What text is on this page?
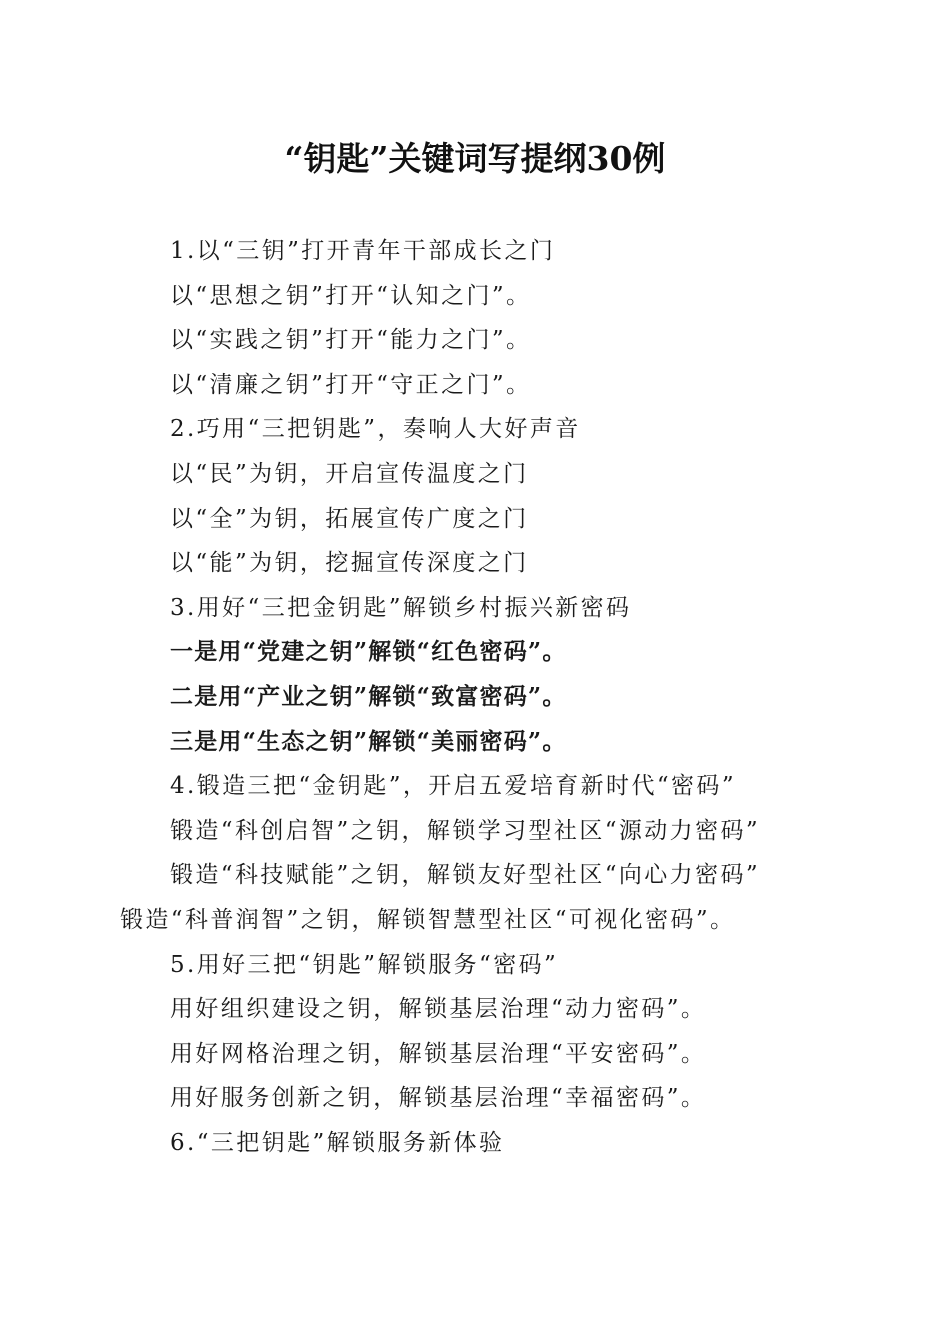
“钥匙”关键词写提纲30例
1.以“三钥”打开青年干部成长之门
以“思想之钥”打开“认知之门”。
以“实践之钥”打开“能力之门”。
以“清廉之钥”打开“守正之门”。
2.巧用“三把钥匙”，奏响人大好声音
以“民”为钥，开启宣传温度之门
以“全”为钥，拓展宣传广度之门
以“能”为钥，挖掘宣传深度之门
3.用好“三把金钥匙”解锁乡村振兴新密码
一是用“党建之钥”解锁“红色密码”。
二是用“产业之钥”解锁“致富密码”。
三是用“生态之钥”解锁“美丽密码”。
4.锻造三把“金钥匙”，开启五爱培育新时代“密码”
锻造“科创启智”之钥，解锁学习型社区“源动力密码”
锻造“科技赋能”之钥，解锁友好型社区“向心力密码”
锻造“科普润智”之钥，解锁智慧型社区“可视化密码”。
5.用好三把“钥匙”解锁服务“密码”
用好组织建设之钥，解锁基层治理“动力密码”。
用好网格治理之钥，解锁基层治理“平安密码”。
用好服务创新之钥，解锁基层治理“幸福密码”。
6.“三把钥匙”解锁服务新体验
